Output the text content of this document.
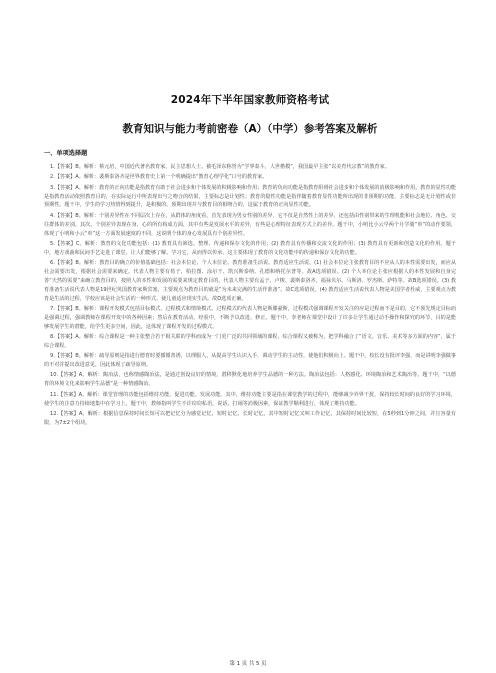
2024年下半年国家教师资格考试
教育知识与能力考前密卷（A）（中学）参考答案及解析
一、单项选择题

1.【答案】B。解析：蔡元培，中国近代著名教育家，民主思想人士。被毛泽东称誉为“学界泰斗，人世楷模”，我国最早主张“以美育代宗教”的教育家。

2.【答案】A。解析：裴斯泰洛齐是世界教育史上第一个明确提出“教育心理学化”口号的教育家。

3.【答案】A。解析：教育的正向功能是指教育有助于社会进步和个体发展的积极影响和作用；教育的负向功能是指教育阻碍社会进步和个体发展的消极影响和作用。教育的显性功能是指教育活动依照教育目的，在实际运行中所表现出与之吻合的结果，主要标志是计划性；教育的隐性功能是指伴随着教育显性功能所出现的非预期的功能，主要标志是无计划性或非预期性。题干中，学生的学习热情得到提升，是积极的、预期出现并与教育目的相吻合的，这属于教育的正向显性功能。

4.【答案】B。解析：个别差异性在不同层次上存在，从群体的角度看，首先表现为男女性别的差异，它不仅是自然性上的差异，还包括由性别带来的生理机能和社会地位、角色、交往群体的差别。其次，个别差异表现在身、心的所有构成方面，其中有些是发展水平的差异，有些是心理特征表现方式上的差异。题干中，小明比小云早两个月学骑“单”的动作要领，体现了小明和小云“单”这一方面发展速度的不同，这说明个体的身心发展具有个别差异性。

5.【答案】C。解析：教育的文化功能包括：(1) 教育具有筛选、整理、传递和保存文化的作用；(2) 教育具有传播和交流文化的作用；(3) 教育具有更新和创造文化的作用。题干中，地方戏曲和民间手艺走进了课堂，让人们能够了解、学习它，从而得以传承，这主要体现了教育的文化功能中的传递和保存文化的功能。

6.【答案】B。解析：教育目的确立的价值基础包括：社会本位论、个人本位论、教育准备生活说、教育适应生活说。(1) 社会本位论主张教育目的不应从人的本性需要出发，而应从社会需要出发，根据社会需要来确定。代表人物主要有荀子、柏拉图、涂尔干、凯兴斯泰纳、孔德和纳托尔普等。故A选项错误。(2) 个人本位论主张应根据人的本性发展和自身完善“天然的需要”来确立教育目的，按照人的本性和发展的需要来规定教育目的。代表人物主要有孟子、卢梭、裴斯泰洛齐、福禄贝尔、马斯洛、罗杰斯、萨特等。故B选项错误。(3) 教育准备生活说代表人物是19世纪英国教育家斯宾塞，主要观点为教育目的就是“为未来完满的生活作准备”。故C选项错误。(4) 教育适应生活说代表人物是美国学者杜威，主要观点为教育是生活的过程，学校应该是社会生活的一种形式，使儿童适应现实生活。故D选项正确。

7.【答案】B。解析：课程开发模式包括目标模式、过程模式和情境模式。过程模式的代表人物是斯滕豪斯，过程模式强调课程开发关注的应是过程而不是目的，它不预先规定目标而是强调过程，强调教师在课程开发中的各种因素；然后在教育活动、经验中，不断予以改进、修正。题干中，李老师在课堂中设计了许多让学生通过动手操作和探究的环节，目的是能够发展学生的潜能，给学生更多空间，因此，这体现了课程开发的过程模式。

8.【答案】A。解析：综合课程是一种主张整合若干相关联的学科而成为一门更广泛的共同领域的课程，综合课程又被称为，把学科融合了“语文、音乐、美术等多方面的内容”，属于综合课程。

9.【答案】B。解析：疏导原则是指进行德育时要循循善诱，以理服人，从提高学生认识入手，调动学生的主动性，使他们积极向上。题干中，校长没有批评李强，而是讲明李强做事的不对并提出改进意见，因此体现了疏导原则。

10.【答案】A。解析：陶冶法，也称情感陶冶法，是通过创设良好的情境，潜移默化地培养学生品德的一种方法。陶冶法包括：人格感化、环境陶冶和艺术陶冶等。题干中，“以德育的环境文化来影响学生品德”是一种情感陶冶。

11.【答案】A。解析：课堂管理的功能包括维持功能、促进功能、发展功能。其中，维持功能主要是指在课堂教学的过程中，能够减少外界干扰，保持较长时间的良好的学习环境，使学生的注意力持续地集中在学习上。题干中，教师指叫学生不许窃窃私语，说话、打闹等消极因素，保证教学顺利进行，体现了维持功能。

12.【答案】A。解析：根据信息保持时间长短可以把记忆分为感觉记忆、短时记忆、长时记忆。其中短时记忆又叫工作记忆，其保持时间比较短，在5秒到1分钟之间，并且容量有限，为7±2个组块。

第 1 页 共 5 页
